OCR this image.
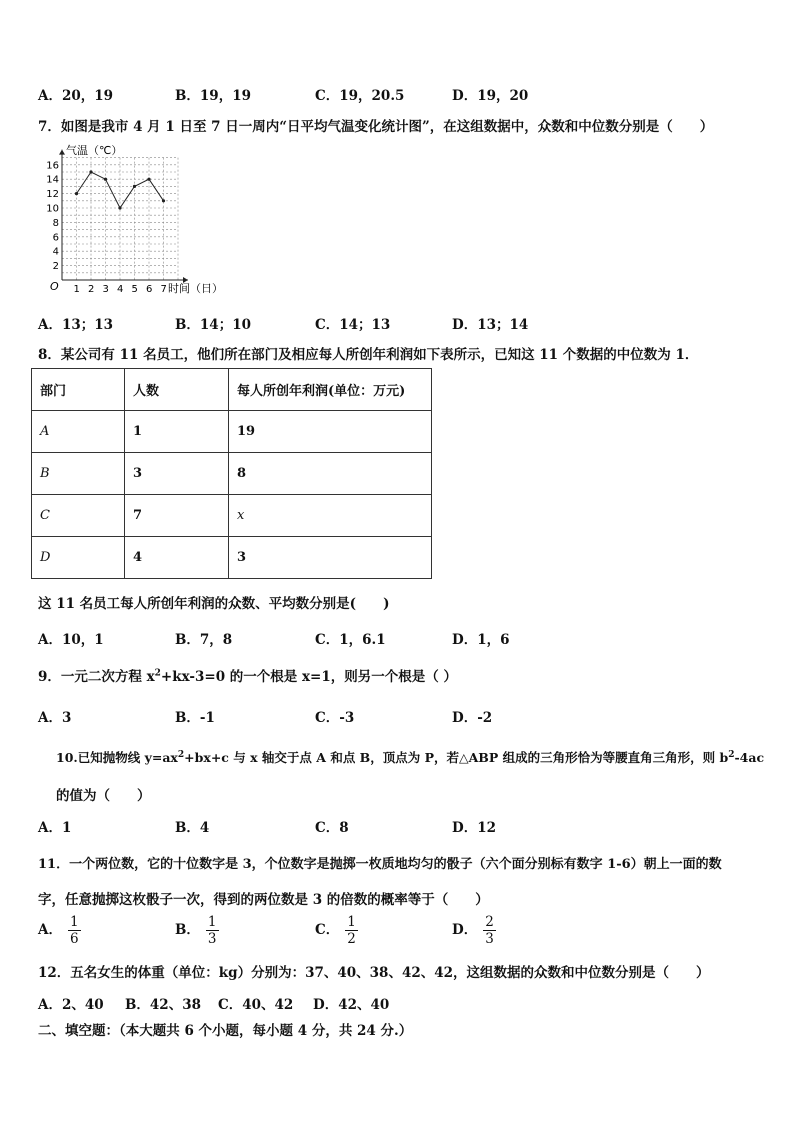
A．20，19	B．19，19	C．19，20.5	D．19，20
7．如图是我市 4 月 1 日至 7 日一周内“日平均气温变化统计图”，在这组数据中，众数和中位数分别是（　　）
1 2 3 4 5 6 7
2
4
6
8
10
12
14
16
气温（℃）
时间（日）
O
A．13；13	B．14；10	C．14；13	D．13；14
8．某公司有 11 名员工，他们所在部门及相应每人所创年利润如下表所示，已知这 11 个数据的中位数为 1．
部门	人数	每人所创年利润(单位：万元)
A	1	19
B	3	8
C	7	x
D	4	3
这 11 名员工每人所创年利润的众数、平均数分别是(　　)
A．10，1	B．7，8	C．1，6.1	D．1，6
9．一元二次方程 $x^2+kx-3=0$ 的一个根是 x=1，则另一个根是（ ）
A．3	B．-1	C．-3	D．-2
10.已知抛物线 $y=ax^2+bx+c$ 与 x 轴交于点 A 和点 B，顶点为 P，若△ABP 组成的三角形恰为等腰直角三角形，则 $b^2-4ac$
的值为（　　）
A．1	B．4	C．8	D．12
11．一个两位数，它的十位数字是 3，个位数字是抛掷一枚质地均匀的骰子（六个面分别标有数字 1-6）朝上一面的数
字，任意抛掷这枚骰子一次，得到的两位数是 3 的倍数的概率等于（　　）
A． $\frac{1}{6}$	B． $\frac{1}{3}$	C． $\frac{1}{2}$	D． $\frac{2}{3}$
12．五名女生的体重（单位：kg）分别为：37、40、38、42、42，这组数据的众数和中位数分别是（　　）
A．2、40 B．42、38 C．40、42 D．42、40
二、填空题：（本大题共 6 个小题，每小题 4 分，共 24 分.）
